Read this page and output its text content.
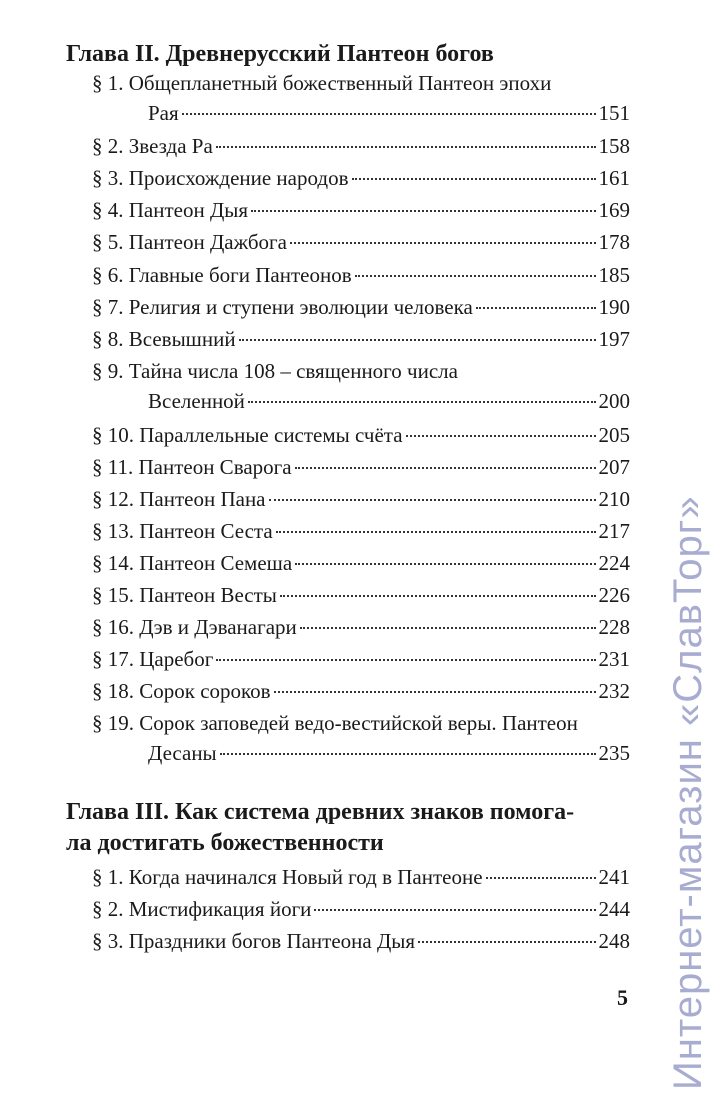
Глава II. Древнерусский Пантеон богов
§ 1. Общепланетный божественный Пантеон эпохи
Рая	151
§ 2. Звезда Ра	158
§ 3. Происхождение народов	161
§ 4. Пантеон Дыя	169
§ 5. Пантеон Дажбога	178
§ 6. Главные боги Пантеонов	185
§ 7. Религия и ступени эволюции человека	190
§ 8. Всевышний	197
§ 9. Тайна числа 108 – священного числа
Вселенной	200
§ 10. Параллельные системы счёта	205
§ 11. Пантеон Сварога	207
§ 12. Пантеон Пана	210
§ 13. Пантеон Сеста	217
§ 14. Пантеон Семеша	224
§ 15. Пантеон Весты	226
§ 16. Дэв и Дэванагари	228
§ 17. Царебог	231
§ 18. Сорок сороков	232
§ 19. Сорок заповедей ведо-вестийской веры. Пантеон
Десаны	235
Глава III. Как система древних знаков помога-
ла достигать божественности
§ 1. Когда начинался Новый год в Пантеоне	241
§ 2. Мистификация йоги	244
§ 3. Праздники богов Пантеона Дыя	248
5 Интернет-магазин «СлавТорг»
